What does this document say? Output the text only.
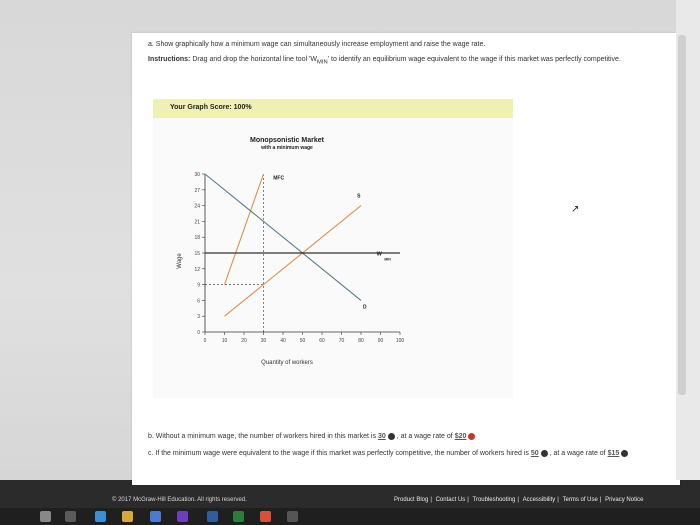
a. Show graphically how a minimum wage can simultaneously increase employment and raise the wage rate.
Instructions: Drag and drop the horizontal line tool '$W_{MIN}$' to identify an equilibrium wage equivalent to the wage if this market was perfectly competitive.
Your Graph Score: 100%
Monopsonistic Market
with a minimum wage
0	10	20	30	40	50	60	70	80	90	100
0
3
6
9
12
15
18
21
24
27
30
MFC
S
D
W
MIN
Wage
Quantity of workers
b. Without a minimum wage, the number of workers hired in this market is 30 , at a wage rate of $20
c. If the minimum wage were equivalent to the wage if this market was perfectly competitive, the number of workers hired is 50 , at a wage rate of $15
© 2017 McGraw-Hill Education. All rights reserved.	Product Blog | Contact Us | Troubleshooting | Accessibility | Terms of Use | Privacy Notice
↗
